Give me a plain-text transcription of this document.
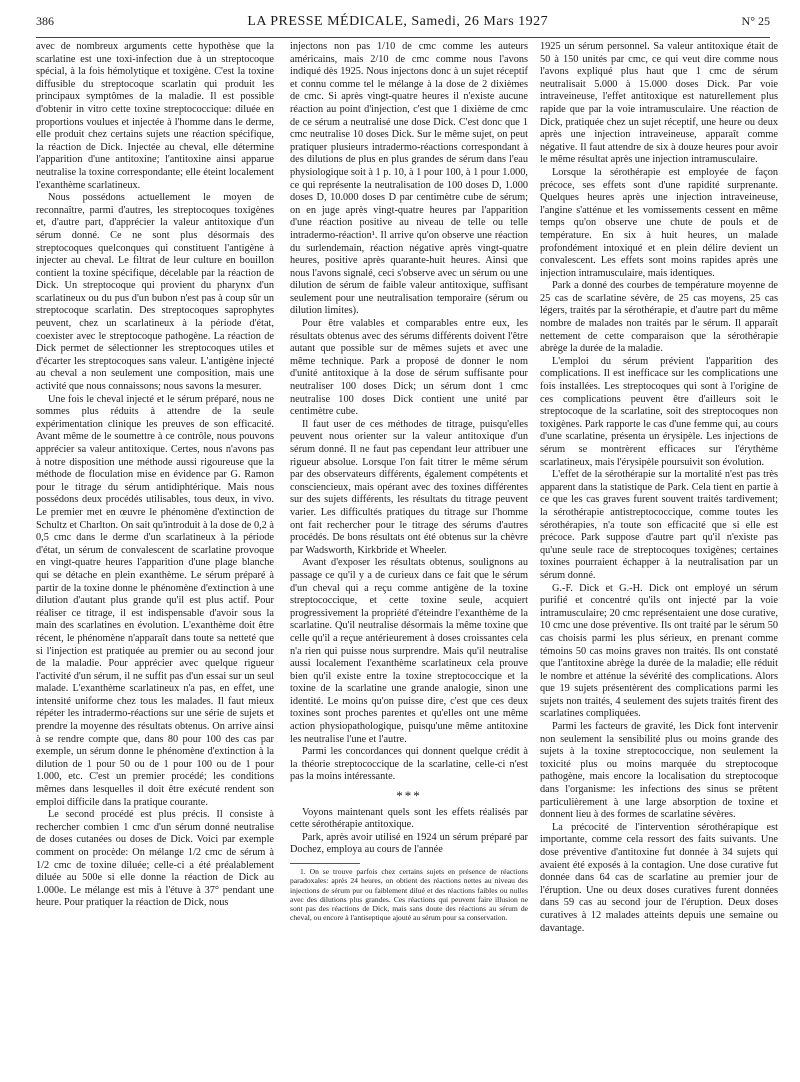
386	LA PRESSE MÉDICALE, Samedi, 26 Mars 1927	N° 25

avec de nombreux arguments cette hypothèse que la scarlatine est une toxi-infection due à un streptocoque spécial, à la fois hémolytique et toxigène. C'est la toxine diffusible du streptocoque scarlatin qui produit les principaux symptômes de la maladie. Il est possible d'obtenir in vitro cette toxine streptococcique: diluée en proportions voulues et injectée à l'homme dans le derme, elle produit chez certains sujets une réaction spécifique, la réaction de Dick. Injectée au cheval, elle détermine l'apparition d'une antitoxine; l'antitoxine ainsi apparue neutralise la toxine correspondante; elle éteint localement l'exanthème scarlatineux.

Nous possédons actuellement le moyen de reconnaître, parmi d'autres, les streptocoques toxigènes et, d'autre part, d'apprécier la valeur antitoxique d'un sérum donné. Ce ne sont plus désormais des streptocoques quelconques qui constituent l'antigène à injecter au cheval. Le filtrat de leur culture en bouillon contient la toxine spécifique, décelable par la réaction de Dick. Un streptocoque qui provient du pharynx d'un scarlatineux ou du pus d'un bubon n'est pas à coup sûr un streptocoque scarlatin. Des streptocoques saprophytes peuvent, chez un scarlatineux à la période d'état, coexister avec le streptocoque pathogène. La réaction de Dick permet de sélectionner les streptocoques utiles et d'écarter les streptocoques sans valeur. L'antigène injecté au cheval a non seulement une composition, mais une activité que nous connaissons; nous savons la mesurer.

Une fois le cheval injecté et le sérum préparé, nous ne sommes plus réduits à attendre de la seule expérimentation clinique les preuves de son efficacité. Avant même de le soumettre à ce contrôle, nous pouvons apprécier sa valeur antitoxique. Certes, nous n'avons pas à notre disposition une méthode aussi rigoureuse que la méthode de floculation mise en évidence par G. Ramon pour le titrage du sérum antidiphtérique. Mais nous possédons deux procédés utilisables, tous deux, in vivo. Le premier met en œuvre le phénomène d'extinction de Schultz et Charlton. On sait qu'introduit à la dose de 0,2 à 0,5 cmc dans le derme d'un scarlatineux à la période d'état, un sérum de convalescent de scarlatine provoque en vingt-quatre heures l'apparition d'une plage blanche qui se détache en plein exanthème. Le sérum préparé à partir de la toxine donne le phénomène d'extinction à une dilution d'autant plus grande qu'il est plus actif. Pour réaliser ce titrage, il est indispensable d'avoir sous la main des scarlatines en évolution. L'exanthème doit être récent, le phénomène n'apparaît dans toute sa netteté que si l'injection est pratiquée au premier ou au second jour de la maladie. Pour apprécier avec quelque rigueur l'activité d'un sérum, il ne suffit pas d'un essai sur un seul malade. L'exanthème scarlatineux n'a pas, en effet, une intensité uniforme chez tous les malades. Il faut mieux répéter les intradermo-réactions sur une série de sujets et prendre la moyenne des résultats obtenus. On arrive ainsi à se rendre compte que, dans 80 pour 100 des cas par exemple, un sérum donne le phénomène d'extinction à la dilution de 1 pour 50 ou de 1 pour 100 ou de 1 pour 1.000, etc. C'est un premier procédé; les conditions mêmes dans lesquelles il doit être exécuté rendent son emploi difficile dans la pratique courante.

Le second procédé est plus précis. Il consiste à rechercher combien 1 cmc d'un sérum donné neutralise de doses cutanées ou doses de Dick. Voici par exemple comment on procède: On mélange 1/2 cmc de sérum à 1/2 cmc de toxine diluée; celle-ci a été préalablement diluée au 500e si elle donne la réaction de Dick au 1.000e. Le mélange est mis à l'étuve à 37° pendant une heure. Pour pratiquer la réaction de Dick, nous

injectons non pas 1/10 de cmc comme les auteurs américains, mais 2/10 de cmc comme nous l'avons indiqué dès 1925. Nous injectons donc à un sujet réceptif et connu comme tel le mélange à la dose de 2 dixièmes de cmc. Si après vingt-quatre heures il n'existe aucune réaction au point d'injection, c'est que 1 dixième de cmc de ce sérum a neutralisé une dose Dick. C'est donc que 1 cmc neutralise 10 doses Dick. Sur le même sujet, on peut pratiquer plusieurs intradermo-réactions correspondant à des dilutions de plus en plus grandes de sérum dans l'eau physiologique soit à 1 p. 10, à 1 pour 100, à 1 pour 1.000, ce qui représente la neutralisation de 100 doses D, 1.000 doses D, 10.000 doses D par centimètre cube de sérum; on en juge après vingt-quatre heures par l'apparition d'une réaction positive au niveau de telle ou telle intradermo-réaction¹. Il arrive qu'on observe une réaction du surlendemain, réaction négative après vingt-quatre heures, positive après quarante-huit heures. Ainsi que nous l'avons signalé, ceci s'observe avec un sérum ou une dilution de sérum de faible valeur antitoxique, suffisant seulement pour une neutralisation temporaire (sérum ou dilution limites).

Pour être valables et comparables entre eux, les résultats obtenus avec des sérums différents doivent l'être autant que possible sur de mêmes sujets et avec une même technique. Park a proposé de donner le nom d'unité antitoxique à la dose de sérum suffisante pour neutraliser 100 doses Dick; un sérum dont 1 cmc neutralise 100 doses Dick contient une unité par centimètre cube.

Il faut user de ces méthodes de titrage, puisqu'elles peuvent nous orienter sur la valeur antitoxique d'un sérum donné. Il ne faut pas cependant leur attribuer une rigueur absolue. Lorsque l'on fait titrer le même sérum par des observateurs différents, également compétents et consciencieux, mais opérant avec des toxines différentes sur des sujets différents, les résultats du titrage peuvent varier. Les difficultés pratiques du titrage sur l'homme ont fait rechercher pour le titrage des sérums d'autres procédés. De bons résultats ont été obtenus sur la chèvre par Wadsworth, Kirkbride et Wheeler.

Avant d'exposer les résultats obtenus, soulignons au passage ce qu'il y a de curieux dans ce fait que le sérum d'un cheval qui a reçu comme antigène de la toxine streptococcique, et cette toxine seule, acquiert progressivement la propriété d'éteindre l'exanthème de la scarlatine. Qu'il neutralise désormais la même toxine que celle qu'il a reçue antérieurement à doses croissantes cela n'a rien qui puisse nous surprendre. Mais qu'il neutralise aussi localement l'exanthème scarlatineux cela prouve bien qu'il existe entre la toxine streptococcique et la toxine de la scarlatine une grande analogie, sinon une identité. Le moins qu'on puisse dire, c'est que ces deux toxines sont proches parentes et qu'elles ont une même action physiopathologique, puisqu'une même antitoxine les neutralise l'une et l'autre.

Parmi les concordances qui donnent quelque crédit à la théorie streptococcique de la scarlatine, celle-ci n'est pas la moins intéressante.

***

Voyons maintenant quels sont les effets réalisés par cette sérothérapie antitoxique.

Park, après avoir utilisé en 1924 un sérum préparé par Dochez, employa au cours de l'année

1. On se trouve parfois chez certains sujets en présence de réactions paradoxales: après 24 heures, on obtient des réactions nettes au niveau des injections de sérum pur ou faiblement dilué et des réactions faibles ou nulles avec des dilutions plus grandes. Ces réactions qui peuvent faire illusion ne sont pas des réactions de Dick, mais sans doute des réactions au sérum de cheval, ou encore à l'antiseptique ajouté au sérum pour sa conservation.

1925 un sérum personnel. Sa valeur antitoxique était de 50 à 150 unités par cmc, ce qui veut dire comme nous l'avons expliqué plus haut que 1 cmc de sérum neutralisait 5.000 à 15.000 doses Dick. Par voie intraveineuse, l'effet antitoxique est naturellement plus rapide que par la voie intramusculaire. Une réaction de Dick, pratiquée chez un sujet réceptif, une heure ou deux après une injection intraveineuse, apparaît comme négative. Il faut attendre de six à douze heures pour avoir le même résultat après une injection intramusculaire.

Lorsque la sérothérapie est employée de façon précoce, ses effets sont d'une rapidité surprenante. Quelques heures après une injection intraveineuse, l'angine s'atténue et les vomissements cessent en même temps qu'on observe une chute de pouls et de température. En six à huit heures, un malade profondément intoxiqué et en plein délire devient un convalescent. Les effets sont moins rapides après une injection intramusculaire, mais identiques.

Park a donné des courbes de température moyenne de 25 cas de scarlatine sévère, de 25 cas moyens, 25 cas légers, traités par la sérothérapie, et d'autre part du même nombre de malades non traités par le sérum. Il apparaît nettement de cette comparaison que la sérothérapie abrège la durée de la maladie.

L'emploi du sérum prévient l'apparition des complications. Il est inefficace sur les complications une fois installées. Les streptocoques qui sont à l'origine de ces complications peuvent être d'ailleurs soit le streptocoque de la scarlatine, soit des streptocoques non toxigènes. Park rapporte le cas d'une femme qui, au cours d'une scarlatine, présenta un érysipèle. Les injections de sérum se montrèrent efficaces sur l'érythème scarlatineux, mais l'érysipèle poursuivit son évolution.

L'effet de la sérothérapie sur la mortalité n'est pas très apparent dans la statistique de Park. Cela tient en partie à ce que les cas graves furent souvent traités tardivement; la sérothérapie antistreptococcique, comme toutes les sérothérapies, n'a toute son efficacité que si elle est précoce. Park suppose d'autre part qu'il n'existe pas qu'une seule race de streptocoques toxigènes; certaines toxines pourraient échapper à la neutralisation par un sérum donné.

G.-F. Dick et G.-H. Dick ont employé un sérum purifié et concentré qu'ils ont injecté par la voie intramusculaire; 20 cmc représentaient une dose curative, 10 cmc une dose préventive. Ils ont traité par le sérum 50 cas choisis parmi les plus sérieux, en prenant comme témoins 50 cas moins graves non traités. Ils ont constaté que l'antitoxine abrège la durée de la maladie; elle réduit le nombre et atténue la sévérité des complications. Alors que 19 sujets présentèrent des complications parmi les sujets non traités, 4 seulement des sujets traités firent des scarlatines compliquées.

Parmi les facteurs de gravité, les Dick font intervenir non seulement la sensibilité plus ou moins grande des sujets à la toxine streptococcique, non seulement la toxicité plus ou moins marquée du streptocoque pathogène, mais encore la localisation du streptocoque dans l'organisme: les infections des sinus se prêtent particulièrement à une large absorption de toxine et donnent lieu à des formes de scarlatine sévères.

La précocité de l'intervention sérothérapique est importante, comme cela ressort des faits suivants. Une dose préventive d'antitoxine fut donnée à 34 sujets qui avaient été exposés à la contagion. Une dose curative fut donnée dans 64 cas de scarlatine au premier jour de l'éruption. Une ou deux doses curatives furent données dans 59 cas au second jour de l'éruption. Deux doses curatives à 12 malades atteints depuis une semaine ou davantage.
